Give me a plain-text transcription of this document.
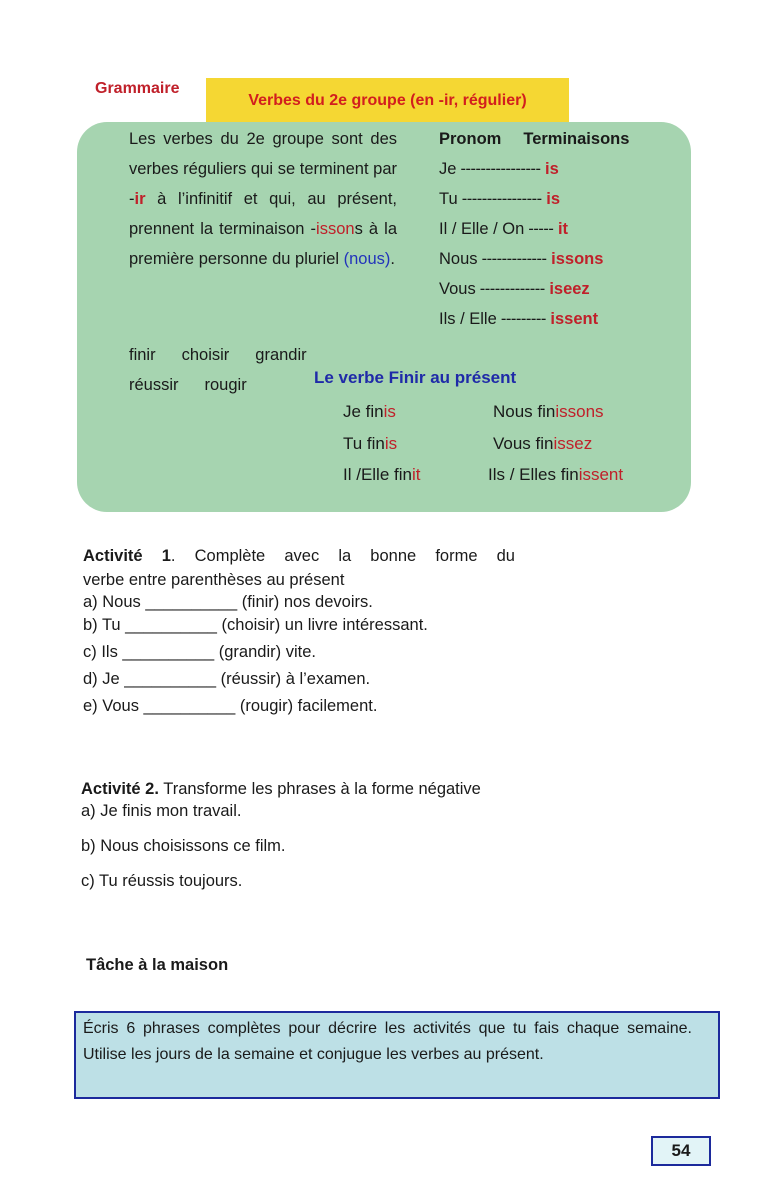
Grammaire
Verbes du 2e groupe (en -ir, régulier)

Les verbes du 2e groupe sont des verbes réguliers qui se terminent par -ir à l’infinitif et qui, au présent, prennent la terminaison -issons à la première personne du pluriel (nous).

Pronom Terminaisons
Je ---------------- is
Tu ---------------- is
Il / Elle / On ----- it
Nous ------------- issons
Vous ------------- iseez
Ils / Elle --------- issent
finir choisir grandir
réussir rougir	Le verbe Finir au présent
Je finis	Nous finissons
Tu finis	Vous finissez
Il /Elle finit	Ils / Elles finissent
Activité 1. Complète avec la bonne forme du
verbe entre parenthèses au présent
a) Nous __________ (finir) nos devoirs.
b) Tu __________ (choisir) un livre intéressant.
c) Ils __________ (grandir) vite.
d) Je __________ (réussir) à l’examen.
e) Vous __________ (rougir) facilement.
Activité 2. Transforme les phrases à la forme négative
a) Je finis mon travail.
b) Nous choisissons ce film.
c) Tu réussis toujours.
Tâche à la maison
Écris 6 phrases complètes pour décrire les activités que tu fais chaque semaine. Utilise les jours de la semaine et conjugue les verbes au présent.
54
